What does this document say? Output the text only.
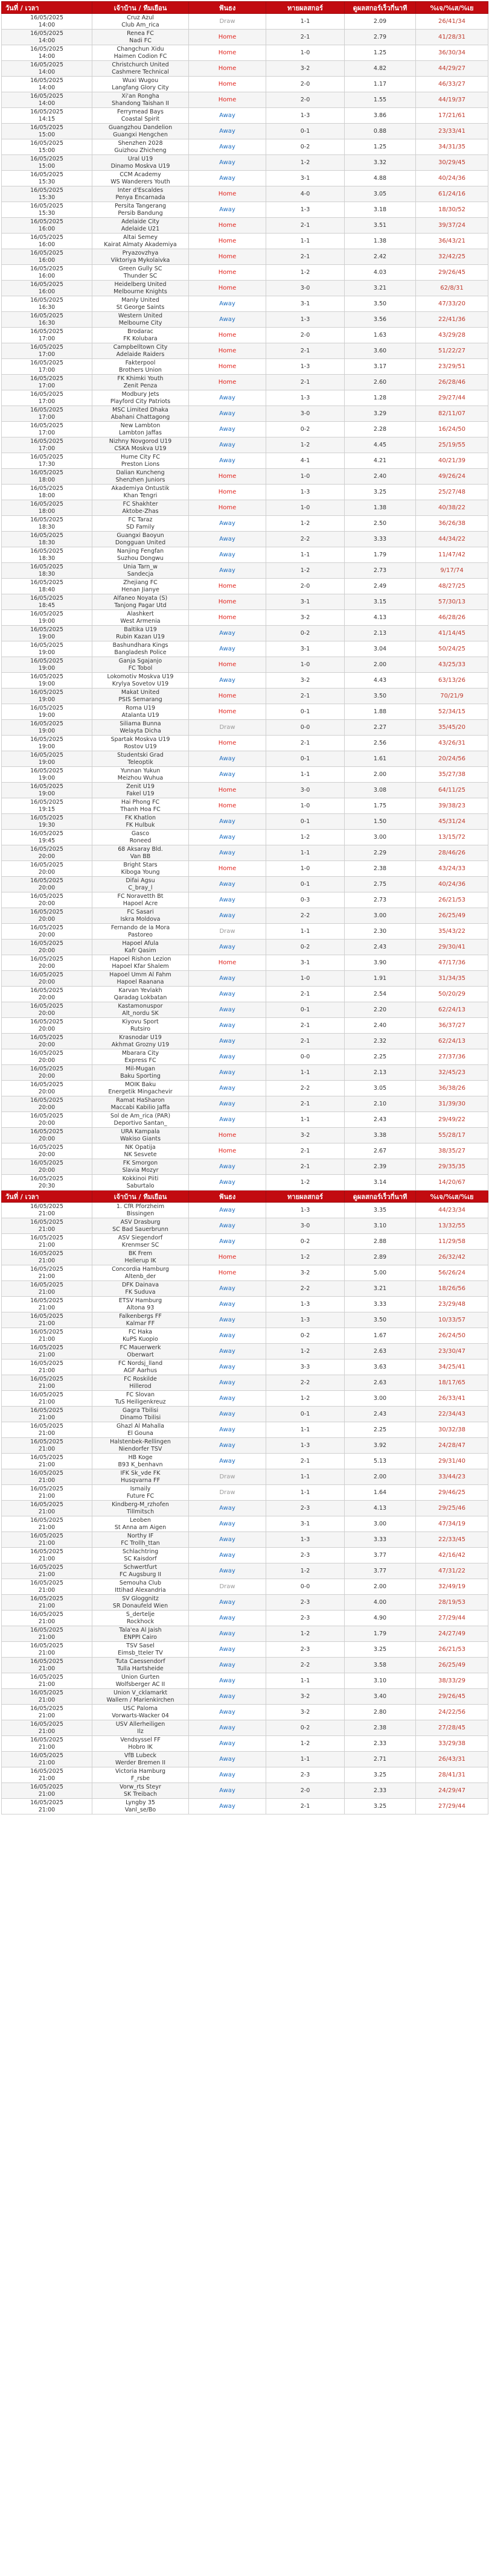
วันที่ / เวลา	เจ้าบ้าน / ทีมเยือน	ฟันธง	ทายผลสกอร์	ดูผลสกอร์เร็วกี่นาที	%เจ/%เส/%เย

16/05/2025
14:00	Cruz Azul
Club Am_rica	Draw	1-1	2.09	26/41/34

16/05/2025
14:00	Renea FC
Nadi FC	Home	2-1	2.79	41/28/31

16/05/2025
14:00	Changchun Xidu
Haimen Codion FC	Home	1-0	1.25	36/30/34

16/05/2025
14:00	Christchurch United
Cashmere Technical	Home	3-2	4.82	44/29/27

16/05/2025
14:00	Wuxi Wugou
Langfang Glory City	Home	2-0	1.17	46/33/27

16/05/2025
14:00	Xi'an Rongha
Shandong Taishan II	Home	2-0	1.55	44/19/37

16/05/2025
14:15	Ferrymead Bays
Coastal Spirit	Away	1-3	3.86	17/21/61

16/05/2025
15:00	Guangzhou Dandelion
Guangxi Hengchen	Away	0-1	0.88	23/33/41

16/05/2025
15:00	Shenzhen 2028
Guizhou Zhicheng	Away	0-2	1.25	34/31/35

16/05/2025
15:00	Ural U19
Dinamo Moskva U19	Away	1-2	3.32	30/29/45

16/05/2025
15:30	CCM Academy
WS Wanderers Youth	Away	3-1	4.88	40/24/36

16/05/2025
15:30	Inter d'Escaldes
Penya Encarnada	Home	4-0	3.05	61/24/16

16/05/2025
15:30	Persita Tangerang
Persib Bandung	Away	1-3	3.18	18/30/52

16/05/2025
16:00	Adelaide City
Adelaide U21	Home	2-1	3.51	39/37/24

16/05/2025
16:00	Altai Semey
Kairat Almaty Akademiya	Home	1-1	1.38	36/43/21

16/05/2025
16:00	Pryazovzhya
Viktoriya Mykolaivka	Home	2-1	2.42	32/42/25

16/05/2025
16:00	Green Gully SC
Thunder SC	Home	1-2	4.03	29/26/45

16/05/2025
16:00	Heidelberg United
Melbourne Knights	Home	3-0	3.21	62/8/31

16/05/2025
16:30	Manly United
St George Saints	Away	3-1	3.50	47/33/20

16/05/2025
16:30	Western United
Melbourne City	Away	1-3	3.56	22/41/36

16/05/2025
17:00	Brodarac
FK Kolubara	Home	2-0	1.63	43/29/28

16/05/2025
17:00	Campbelltown City
Adelaide Raiders	Home	2-1	3.60	51/22/27

16/05/2025
17:00	Fakterpool
Brothers Union	Home	1-3	3.17	23/29/51

16/05/2025
17:00	FK Khimki Youth
Zenit Penza	Home	2-1	2.60	26/28/46

16/05/2025
17:00	Modbury Jets
Playford City Patriots	Away	1-3	1.28	29/27/44

16/05/2025
17:00	MSC Limited Dhaka
Abahani Chattagong	Away	3-0	3.29	82/11/07

16/05/2025
17:00	New Lambton
Lambton Jaffas	Away	0-2	2.28	16/24/50

16/05/2025
17:00	Nizhny Novgorod U19
CSKA Moskva U19	Away	1-2	4.45	25/19/55

16/05/2025
17:30	Hume City FC
Preston Lions	Away	4-1	4.21	40/21/39

16/05/2025
18:00	Dalian Kuncheng
Shenzhen Juniors	Home	1-0	2.40	49/26/24

16/05/2025
18:00	Akademiya Ontustik
Khan Tengri	Home	1-3	3.25	25/27/48

16/05/2025
18:00	FC Shakhter
Aktobe-Zhas	Home	1-0	1.38	40/38/22

16/05/2025
18:30	FC Taraz
SD Family	Away	1-2	2.50	36/26/38

16/05/2025
18:30	Guangxi Baoyun
Dongguan United	Away	2-2	3.33	44/34/22

16/05/2025
18:30	Nanjing Fengfan
Suzhou Dongwu	Away	1-1	1.79	11/47/42

16/05/2025
18:30	Unia Tarn_w
Sandecja	Away	1-2	2.73	9/17/74

16/05/2025
18:40	Zhejiang FC
Henan Jianye	Home	2-0	2.49	48/27/25

16/05/2025
18:45	Alfaneo Noyata (S)
Tanjong Pagar Utd	Home	3-1	3.15	57/30/13

16/05/2025
19:00	Alashkert
West Armenia	Home	3-2	4.13	46/28/26

16/05/2025
19:00	Baltika U19
Rubin Kazan U19	Away	0-2	2.13	41/14/45

16/05/2025
19:00	Bashundhara Kings
Bangladesh Police	Away	3-1	3.04	50/24/25

16/05/2025
19:00	Ganja Sgajanjo
FC Tobol	Home	1-0	2.00	43/25/33

16/05/2025
19:00	Lokomotiv Moskva U19
Krylya Sovetov U19	Away	3-2	4.43	63/13/26

16/05/2025
19:00	Makat United
PSIS Semarang	Home	2-1	3.50	70/21/9

16/05/2025
19:00	Roma U19
Atalanta U19	Home	0-1	1.88	52/34/15

16/05/2025
19:00	Siliama Bunna
Welayta Dicha	Draw	0-0	2.27	35/45/20

16/05/2025
19:00	Spartak Moskva U19
Rostov U19	Home	2-1	2.56	43/26/31

16/05/2025
19:00	Studentski Grad
Teleoptik	Away	0-1	1.61	20/24/56

16/05/2025
19:00	Yunnan Yukun
Meizhou Wuhua	Away	1-1	2.00	35/27/38

16/05/2025
19:00	Zenit U19
Fakel U19	Home	3-0	3.08	64/11/25

16/05/2025
19:15	Hai Phong FC
Thanh Hoa FC	Home	1-0	1.75	39/38/23

16/05/2025
19:30	FK Khatlon
FK Hulbuk	Away	0-1	1.50	45/31/24

16/05/2025
19:45	Gasco
Roneed	Away	1-2	3.00	13/15/72

16/05/2025
20:00	68 Aksaray Bld.
Van BB	Away	1-1	2.29	28/46/26

16/05/2025
20:00	Bright Stars
Kiboga Young	Home	1-0	2.38	43/24/33

16/05/2025
20:00	Difai Agsu
C_bray_l	Away	0-1	2.75	40/24/36

16/05/2025
20:00	FC Noravetth Bt
Hapoel Acre	Away	0-3	2.73	26/21/53

16/05/2025
20:00	FC Sasari
Iskra Moldova	Away	2-2	3.00	26/25/49

16/05/2025
20:00	Fernando de la Mora
Pastoreo	Draw	1-1	2.30	35/43/22

16/05/2025
20:00	Hapoel Afula
Kafr Qasim	Away	0-2	2.43	29/30/41

16/05/2025
20:00	Hapoel Rishon Lezion
Hapoel Kfar Shalem	Home	3-1	3.90	47/17/36

16/05/2025
20:00	Hapoel Umm Al Fahm
Hapoel Raanana	Away	1-0	1.91	31/34/35

16/05/2025
20:00	Karvan Yevlakh
Qaradag Lokbatan	Away	2-1	2.54	50/20/29

16/05/2025
20:00	Kastamonuspor
Alt_nordu SK	Away	0-1	2.20	62/24/13

16/05/2025
20:00	Kiyovu Sport
Rutsiro	Away	2-1	2.40	36/37/27

16/05/2025
20:00	Krasnodar U19
Akhmat Grozny U19	Away	2-1	2.32	62/24/13

16/05/2025
20:00	Mbarara City
Express FC	Away	0-0	2.25	27/37/36

16/05/2025
20:00	Mil-Mugan
Baku Sporting	Away	1-1	2.13	32/45/23

16/05/2025
20:00	MOIK Baku
Energetik Mingachevir	Away	2-2	3.05	36/38/26

16/05/2025
20:00	Ramat HaSharon
Maccabi Kabilio Jaffa	Away	2-1	2.10	31/39/30

16/05/2025
20:00	Sol de Am_rica (PAR)
Deportivo Santan_	Away	1-1	2.43	29/49/22

16/05/2025
20:00	URA Kampala
Wakiso Giants	Home	3-2	3.38	55/28/17

16/05/2025
20:00	NK Opatija
NK Sesvete	Home	2-1	2.67	38/35/27

16/05/2025
20:00	FK Smorgon
Slavia Mozyr	Away	2-1	2.39	29/35/35

16/05/2025
20:30	Kokkinoi Piiti
Saburtalo	Away	1-2	3.14	14/20/67
วันที่ / เวลา	เจ้าบ้าน / ทีมเยือน	ฟันธง	ทายผลสกอร์	ดูผลสกอร์เร็วกี่นาที	%เจ/%เส/%เย

16/05/2025
21:00	1. CfR Pforzheim
Bissingen	Away	1-3	3.35	44/23/34

16/05/2025
21:00	ASV Drasburg
SC Bad Sauerbrunn	Away	3-0	3.10	13/32/55

16/05/2025
21:00	ASV Siegendorf
Krenmser SC	Away	0-2	2.88	11/29/58

16/05/2025
21:00	BK Frem
Hellerup IK	Home	1-2	2.89	26/32/42

16/05/2025
21:00	Concordia Hamburg
Altenb_der	Home	3-2	5.00	56/26/24

16/05/2025
21:00	DFK Dainava
FK Suduva	Away	2-2	3.21	18/26/56

16/05/2025
21:00	ETSV Hamburg
Altona 93	Away	1-3	3.33	23/29/48

16/05/2025
21:00	Falkenbergs FF
Kalmar FF	Away	1-3	3.50	10/33/57

16/05/2025
21:00	FC Haka
KuPS Kuopio	Away	0-2	1.67	26/24/50

16/05/2025
21:00	FC Mauerwerk
Oberwart	Away	1-2	2.63	23/30/47

16/05/2025
21:00	FC Nordsj_lland
AGF Aarhus	Away	3-3	3.63	34/25/41

16/05/2025
21:00	FC Roskilde
Hillerod	Away	2-2	2.63	18/17/65

16/05/2025
21:00	FC Slovan
TuS Heiligenkreuz	Away	1-2	3.00	26/33/41

16/05/2025
21:00	Gagra Tbilisi
Dinamo Tbilisi	Away	0-1	2.43	22/34/43

16/05/2025
21:00	Ghazl Al Mahalla
El Gouna	Away	1-1	2.25	30/32/38

16/05/2025
21:00	Halstenbek-Rellingen
Niendorfer TSV	Away	1-3	3.92	24/28/47

16/05/2025
21:00	HB Koge
B93 K_benhavn	Away	2-1	5.13	29/31/40

16/05/2025
21:00	IFK Sk_vde FK
Husqvarna FF	Draw	1-1	2.00	33/44/23

16/05/2025
21:00	Ismaily
Future FC	Draw	1-1	1.64	29/46/25

16/05/2025
21:00	Kindberg-M_rzhofen
Tillmitsch	Away	2-3	4.13	29/25/46

16/05/2025
21:00	Leoben
St Anna am Aigen	Away	3-1	3.00	47/34/19

16/05/2025
21:00	Northy IF
FC Trollh_ttan	Away	1-3	3.33	22/33/45

16/05/2025
21:00	Schlachtring
SC Kaisdorf	Away	2-3	3.77	42/16/42

16/05/2025
21:00	Schwertfurt
FC Augsburg II	Away	1-2	3.77	47/31/22

16/05/2025
21:00	Semouha Club
Ittihad Alexandria	Draw	0-0	2.00	32/49/19

16/05/2025
21:00	SV Gloggnitz
SR Donaufeld Wien	Away	2-3	4.00	28/19/53

16/05/2025
21:00	S_dertelje
Rockhock	Away	2-3	4.90	27/29/44

16/05/2025
21:00	Tala'ea Al Jaish
ENPPI Cairo	Away	1-2	1.79	24/27/49

16/05/2025
21:00	TSV Sasel
Eimsb_tteler TV	Away	2-3	3.25	26/21/53

16/05/2025
21:00	Tuta Caessendorf
Tulla Hartsheide	Away	2-2	3.58	26/25/49

16/05/2025
21:00	Union Gurten
Wolfsberger AC II	Away	1-1	3.10	38/33/29

16/05/2025
21:00	Union V_cklamarkt
Wallern / Marienkirchen	Away	3-2	3.40	29/26/45

16/05/2025
21:00	USC Paloma
Vorwarts-Wacker 04	Away	3-2	2.80	24/22/56

16/05/2025
21:00	USV Allerheiligen
Ilz	Away	0-2	2.38	27/28/45

16/05/2025
21:00	Vendsyssel FF
Hobro IK	Away	1-2	2.33	33/29/38

16/05/2025
21:00	VfB Lubeck
Werder Bremen II	Away	1-1	2.71	26/43/31

16/05/2025
21:00	Victoria Hamburg
F_rsbe	Away	2-3	3.25	28/41/31

16/05/2025
21:00	Vorw_rts Steyr
SK Treibach	Away	2-0	2.33	24/29/47

16/05/2025
21:00	Lyngby 35
Vanl_se/Bo	Away	2-1	3.25	27/29/44
